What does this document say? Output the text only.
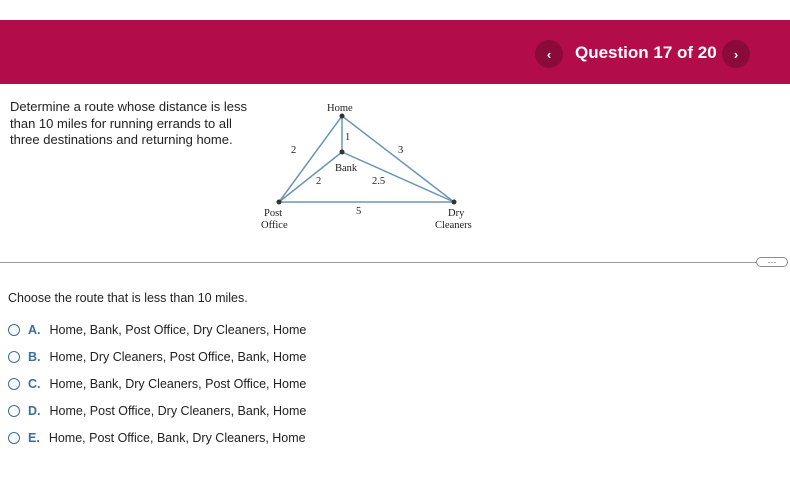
‹ Question 17 of 20 ›
Determine a route whose distance is less than 10 miles for running errands to all three destinations and returning home.
Home
Bank
Post
Office
Dry
Cleaners
1
2	3
2	2.5
5
···
Choose the route that is less than 10 miles.
A. Home, Bank, Post Office, Dry Cleaners, Home
B. Home, Dry Cleaners, Post Office, Bank, Home
C. Home, Bank, Dry Cleaners, Post Office, Home
D. Home, Post Office, Dry Cleaners, Bank, Home
E. Home, Post Office, Bank, Dry Cleaners, Home
